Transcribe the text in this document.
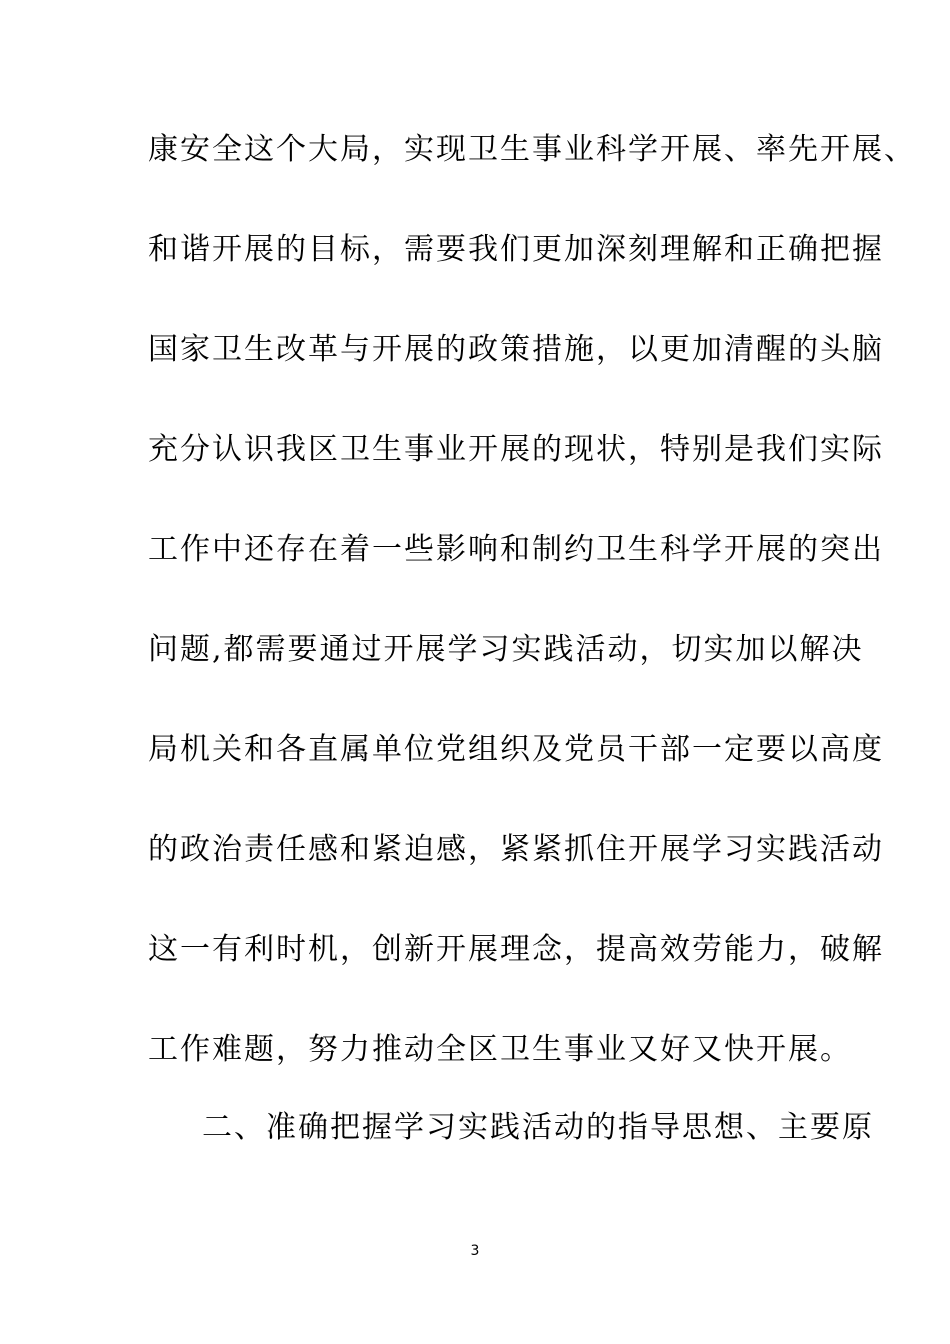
康安全这个大局，实现卫生事业科学开展、率先开展、
和谐开展的目标，需要我们更加深刻理解和正确把握
国家卫生改革与开展的政策措施，以更加清醒的头脑
充分认识我区卫生事业开展的现状，特别是我们实际
工作中还存在着一些影响和制约卫生科学开展的突出
问题,都需要通过开展学习实践活动，切实加以解决
局机关和各直属单位党组织及党员干部一定要以高度
的政治责任感和紧迫感，紧紧抓住开展学习实践活动
这一有利时机，创新开展理念，提高效劳能力，破解
工作难题，努力推动全区卫生事业又好又快开展。
二、准确把握学习实践活动的指导思想、主要原
3
